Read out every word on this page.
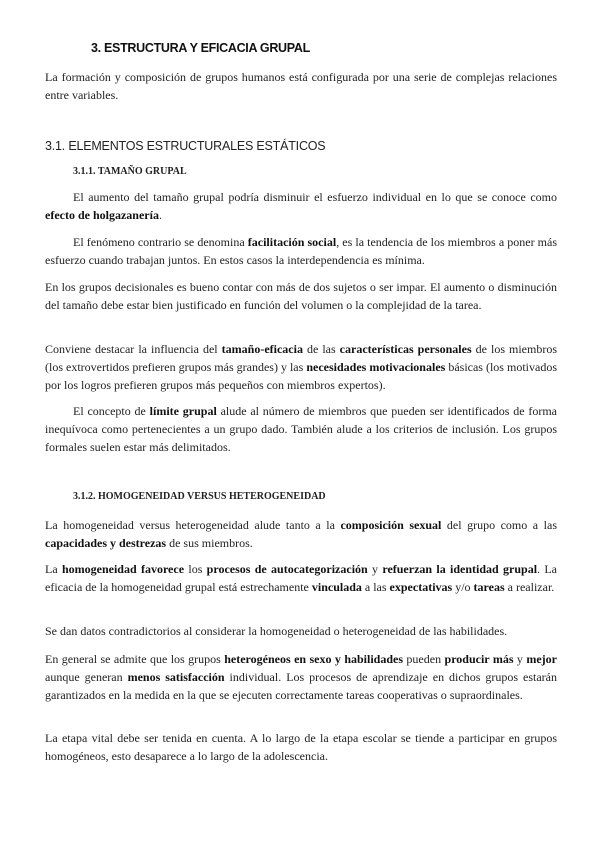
3. ESTRUCTURA Y EFICACIA GRUPAL

La formación y composición de grupos humanos está configurada por una serie de complejas relaciones entre variables.

3.1. ELEMENTOS ESTRUCTURALES ESTÁTICOS
3.1.1. TAMAÑO GRUPAL

El aumento del tamaño grupal podría disminuir el esfuerzo individual en lo que se conoce como efecto de holgazanería.

El fenómeno contrario se denomina facilitación social, es la tendencia de los miembros a poner más esfuerzo cuando trabajan juntos. En estos casos la interdependencia es mínima.

En los grupos decisionales es bueno contar con más de dos sujetos o ser impar. El aumento o disminución del tamaño debe estar bien justificado en función del volumen o la complejidad de la tarea.

Conviene destacar la influencia del tamaño-eficacia de las características personales de los miembros (los extrovertidos prefieren grupos más grandes) y las necesidades motivacionales básicas (los motivados por los logros prefieren grupos más pequeños con miembros expertos).

El concepto de límite grupal alude al número de miembros que pueden ser identificados de forma inequívoca como pertenecientes a un grupo dado. También alude a los criterios de inclusión. Los grupos formales suelen estar más delimitados.

3.1.2. HOMOGENEIDAD VERSUS HETEROGENEIDAD

La homogeneidad versus heterogeneidad alude tanto a la composición sexual del grupo como a las capacidades y destrezas de sus miembros.

La homogeneidad favorece los procesos de autocategorización y refuerzan la identidad grupal. La eficacia de la homogeneidad grupal está estrechamente vinculada a las expectativas y/o tareas a realizar.

Se dan datos contradictorios al considerar la homogeneidad o heterogeneidad de las habilidades.

En general se admite que los grupos heterogéneos en sexo y habilidades pueden producir más y mejor aunque generan menos satisfacción individual. Los procesos de aprendizaje en dichos grupos estarán garantizados en la medida en la que se ejecuten correctamente tareas cooperativas o supraordinales.

La etapa vital debe ser tenida en cuenta. A lo largo de la etapa escolar se tiende a participar en grupos homogéneos, esto desaparece a lo largo de la adolescencia.
